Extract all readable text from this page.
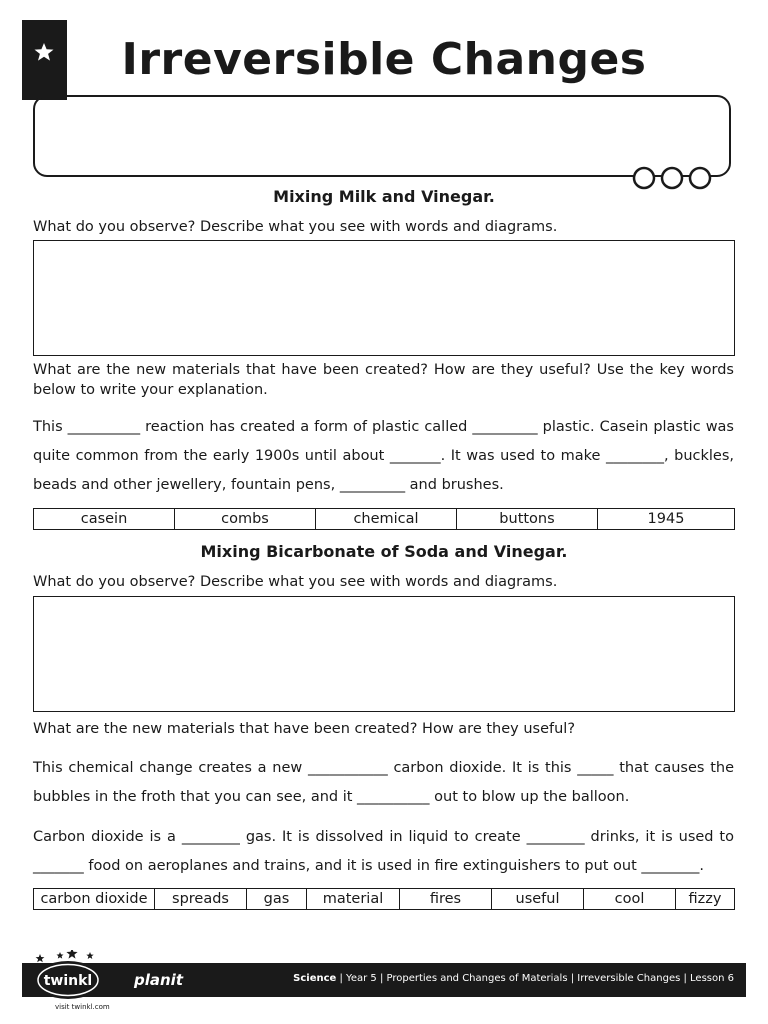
Irreversible Changes
Mixing Milk and Vinegar.
What do you observe? Describe what you see with words and diagrams.
What are the new materials that have been created? How are they useful? Use the key words below to write your explanation.
This __________ reaction has created a form of plastic called _________ plastic. Casein plastic was quite common from the early 1900s until about _______. It was used to make ________, buckles, beads and other jewellery, fountain pens, _________ and brushes.
casein	combs	chemical	buttons	1945
Mixing Bicarbonate of Soda and Vinegar.
What do you observe? Describe what you see with words and diagrams.
What are the new materials that have been created? How are they useful?
This chemical change creates a new ___________ carbon dioxide. It is this _____ that causes the bubbles in the froth that you can see, and it __________ out to blow up the balloon.
Carbon dioxide is a ________ gas. It is dissolved in liquid to create ________ drinks, it is used to _______ food on aeroplanes and trains, and it is used in fire extinguishers to put out ________.
carbon dioxide	spreads	gas	material	fires	useful	cool	fizzy
planit	Science | Year 5 | Properties and Changes of Materials | Irreversible Changes | Lesson 6
twinkl
visit twinkl.com
